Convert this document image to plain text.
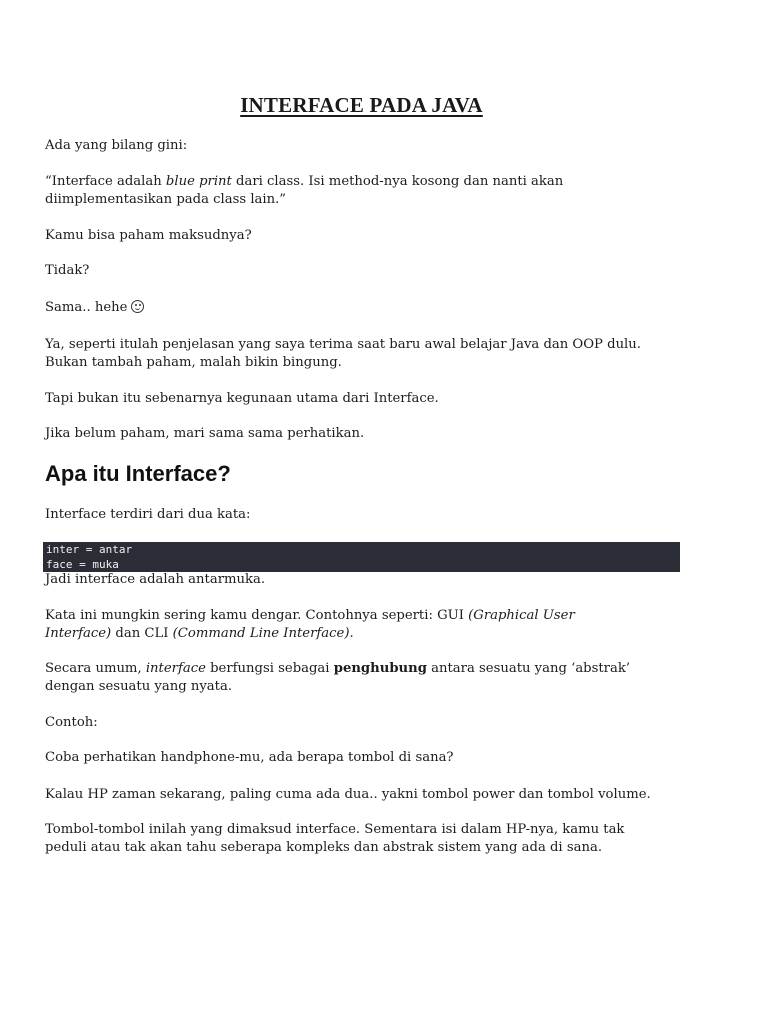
INTERFACE PADA JAVA
Ada yang bilang gini:
“Interface adalah blue print dari class. Isi method-nya kosong dan nanti akan diimplementasikan pada class lain.”
Kamu bisa paham maksudnya?
Tidak?
Sama.. hehe
Ya, seperti itulah penjelasan yang saya terima saat baru awal belajar Java dan OOP dulu. Bukan tambah paham, malah bikin bingung.
Tapi bukan itu sebenarnya kegunaan utama dari Interface.
Jika belum paham, mari sama sama perhatikan.
Apa itu Interface?
Interface terdiri dari dua kata:
inter = antar
face = muka
Jadi interface adalah antarmuka.
Kata ini mungkin sering kamu dengar. Contohnya seperti: GUI (Graphical User Interface) dan CLI (Command Line Interface).
Secara umum, interface berfungsi sebagai penghubung antara sesuatu yang ‘abstrak’ dengan sesuatu yang nyata.
Contoh:
Coba perhatikan handphone-mu, ada berapa tombol di sana?
Kalau HP zaman sekarang, paling cuma ada dua.. yakni tombol power dan tombol volume.
Tombol-tombol inilah yang dimaksud interface. Sementara isi dalam HP-nya, kamu tak peduli atau tak akan tahu seberapa kompleks dan abstrak sistem yang ada di sana.
